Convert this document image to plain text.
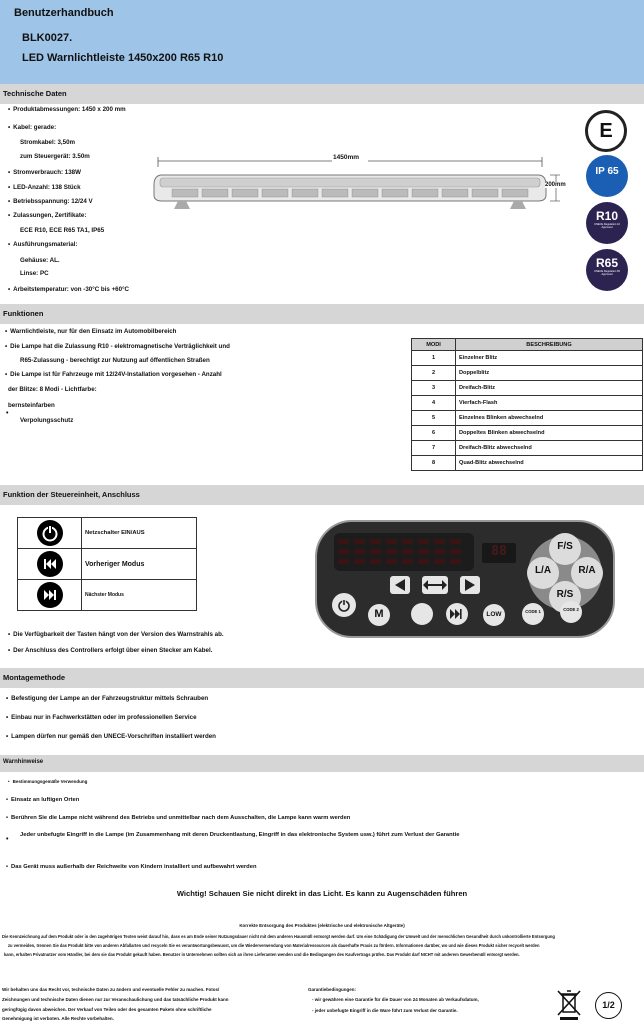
Benutzerhandbuch
BLK0027.
LED Warnlichtleiste 1450x200 R65 R10
Technische Daten
• Produktabmessungen: 1450 x 200 mm
• Kabel: gerade:
Stromkabel: 3,50m
zum Steuergerät: 3.50m
• Stromverbrauch: 138W
• LED-Anzahl: 138 Stück
• Betriebsspannung: 12/24 V
• Zulassungen, Zertifikate:
ECE R10, ECE R65 TA1, IP65
• Ausführungsmaterial:
Gehäuse: AL.
Linse: PC
• Arbeitstemperatur: von -30°C bis +60°C
1450mm
200mm
E
IP 65
R10
UNECE Regulation 10 Approved
R65
UNECE Regulation 65 Approved
Funktionen
• Warnlichtleiste, nur für den Einsatz im Automobilbereich
• Die Lampe hat die Zulassung R10 - elektromagnetische Verträglichkeit und
R65-Zulassung - berechtigt zur Nutzung auf öffentlichen Straßen
• Die Lampe ist für Fahrzeuge mit 12/24V-Installation vorgesehen - Anzahl
der Blitze: 8 Modi - Lichtfarbe:
bernsteinfarben
•
Verpolungsschutz
MODI	BESCHREIBUNG
1	Einzelner Blitz
2	Doppelblitz
3	Dreifach-Blitz
4	Vierfach-Flash
5	Einzelnes Blinken abwechselnd
6	Doppeltes Blinken abwechselnd
7	Dreifach-Blitz abwechselnd
8	Quad-Blitz abwechselnd
Funktion der Steuereinheit, Anschluss
	Netzschalter EIN/AUS
	Vorheriger Modus
	Nächster Modus
88	F/S
L/A	R/A
R/S
M	LOW	CODE 1	CODE 2
• Die Verfügbarkeit der Tasten hängt von der Version des Warnstrahls ab.
• Der Anschluss des Controllers erfolgt über einen Stecker am Kabel.
Montagemethode
• Befestigung der Lampe an der Fahrzeugstruktur mittels Schrauben
• Einbau nur in Fachwerkstätten oder im professionellen Service
• Lampen dürfen nur gemäß den UNECE-Vorschriften installiert werden
Warnhinweise
• Bestimmungsgemäße Verwendung
• Einsatz an luftigen Orten
• Berühren Sie die Lampe nicht während des Betriebs und unmittelbar nach dem Ausschalten, die Lampe kann warm werden
•
Jeder unbefugte Eingriff in die Lampe (im Zusammenhang mit deren Druckentlastung, Eingriff in das elektronische System usw.) führt zum Verlust der Garantie
• Das Gerät muss außerhalb der Reichweite von Kindern installiert und aufbewahrt werden
Wichtig! Schauen Sie nicht direkt in das Licht. Es kann zu Augenschäden führen
Korrekte Entsorgung des Produktes (elektrische und elektronische Altgeräte)
Die Kennzeichnung auf dem Produkt oder in den zugehörigen Texten weist darauf hin, dass es am Ende seiner Nutzungsdauer nicht mit dem anderen Hausmüll entsorgt werden darf. Um eine Schädigung der Umwelt und der menschlichen Gesundheit durch unkontrollierte Entsorgung
zu vermeiden, trennen Sie das Produkt bitte von anderen Abfallarten und recyceln Sie es verantwortungsbewusst, um die Wiederverwendung von Materialressourcen als dauerhafte Praxis zu fördern. Informationen darüber, wo und wie dieses Produkt sicher recycelt werden
kann, erhalten Privatnutzer vom Händler, bei dem sie das Produkt gekauft haben. Benutzer in Unternehmen sollten sich an ihren Lieferanten wenden und die Bedingungen des Kaufvertrags prüfen. Das Produkt darf NICHT mit anderem Gewerbemüll entsorgt werden.
Wir behalten uns das Recht vor, technische Daten zu ändern und eventuelle Fehler zu machen. Fotos/
Zeichnungen und technische Daten dienen nur zur Veranschaulichung und das tatsächliche Produkt kann
geringfügig davon abweichen. Der Verkauf von Teilen oder des gesamten Pakets ohne schriftliche
Genehmigung ist verboten. Alle Rechte vorbehalten.
Garantiebedingungen:
- wir gewähren eine Garantie für die Dauer von 24 Monaten ab Verkaufsdatum,
- jeder unbefugte Eingriff in die Ware führt zum Verlust der Garantie.
1/2
